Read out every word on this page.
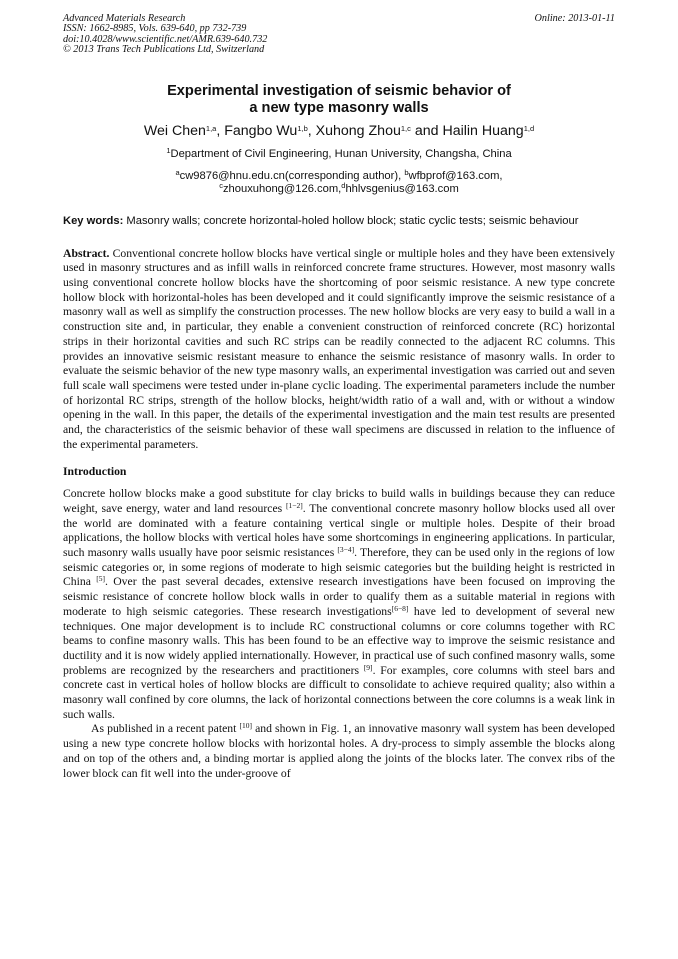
Advanced Materials Research
ISSN: 1662-8985, Vols. 639-640, pp 732-739
doi:10.4028/www.scientific.net/AMR.639-640.732
© 2013 Trans Tech Publications Ltd, Switzerland
Online: 2013-01-11
Experimental investigation of seismic behavior of
a new type masonry walls
Wei Chen$^{1,a}$, Fangbo Wu$^{1,b}$, Xuhong Zhou$^{1,c}$ and Hailin Huang$^{1,d}$
$^1$Department of Civil Engineering, Hunan University, Changsha, China
$^a$cw9876@hnu.edu.cn(corresponding author), $^b$wfbprof@163.com,
$^c$zhouxuhong@126.com,$^d$hhlvsgenius@163.com
Key words: Masonry walls; concrete horizontal-holed hollow block; static cyclic tests; seismic behaviour
Abstract. Conventional concrete hollow blocks have vertical single or multiple holes and they have been extensively used in masonry structures and as infill walls in reinforced concrete frame structures. However, most masonry walls using conventional concrete hollow blocks have the shortcoming of poor seismic resistance. A new type concrete hollow block with horizontal-holes has been developed and it could significantly improve the seismic resistance of a masonry wall as well as simplify the construction processes. The new hollow blocks are very easy to build a wall in a construction site and, in particular, they enable a convenient construction of reinforced concrete (RC) horizontal strips in their horizontal cavities and such RC strips can be readily connected to the adjacent RC columns. This provides an innovative seismic resistant measure to enhance the seismic resistance of masonry walls. In order to evaluate the seismic behavior of the new type masonry walls, an experimental investigation was carried out and seven full scale wall specimens were tested under in-plane cyclic loading. The experimental parameters include the number of horizontal RC strips, strength of the hollow blocks, height/width ratio of a wall and, with or without a window opening in the wall. In this paper, the details of the experimental investigation and the main test results are presented and, the characteristics of the seismic behavior of these wall specimens are discussed in relation to the influence of the experimental parameters.
Introduction
Concrete hollow blocks make a good substitute for clay bricks to build walls in buildings because they can reduce weight, save energy, water and land resources [1−2]. The conventional concrete masonry hollow blocks used all over the world are dominated with a feature containing vertical single or multiple holes. Despite of their broad applications, the hollow blocks with vertical holes have some shortcomings in engineering applications. In particular, such masonry walls usually have poor seismic resistances [3−4]. Therefore, they can be used only in the regions of low seismic categories or, in some regions of moderate to high seismic categories but the building height is restricted in China [5]. Over the past several decades, extensive research investigations have been focused on improving the seismic resistance of concrete hollow block walls in order to qualify them as a suitable material in regions with moderate to high seismic categories. These research investigations[6−8] have led to development of several new techniques. One major development is to include RC constructional columns or core columns together with RC beams to confine masonry walls. This has been found to be an effective way to improve the seismic resistance and ductility and it is now widely applied internationally. However, in practical use of such confined masonry walls, some problems are recognized by the researchers and practitioners [9]. For examples, core columns with steel bars and concrete cast in vertical holes of hollow blocks are difficult to consolidate to achieve required quality; also within a masonry wall confined by core olumns, the lack of horizontal connections between the core columns is a weak link in such walls.
As published in a recent patent [10] and shown in Fig. 1, an innovative masonry wall system has been developed using a new type concrete hollow blocks with horizontal holes. A dry-process to simply assemble the blocks along and on top of the others and, a binding mortar is applied along the joints of the blocks later. The convex ribs of the lower block can fit well into the under-groove of
